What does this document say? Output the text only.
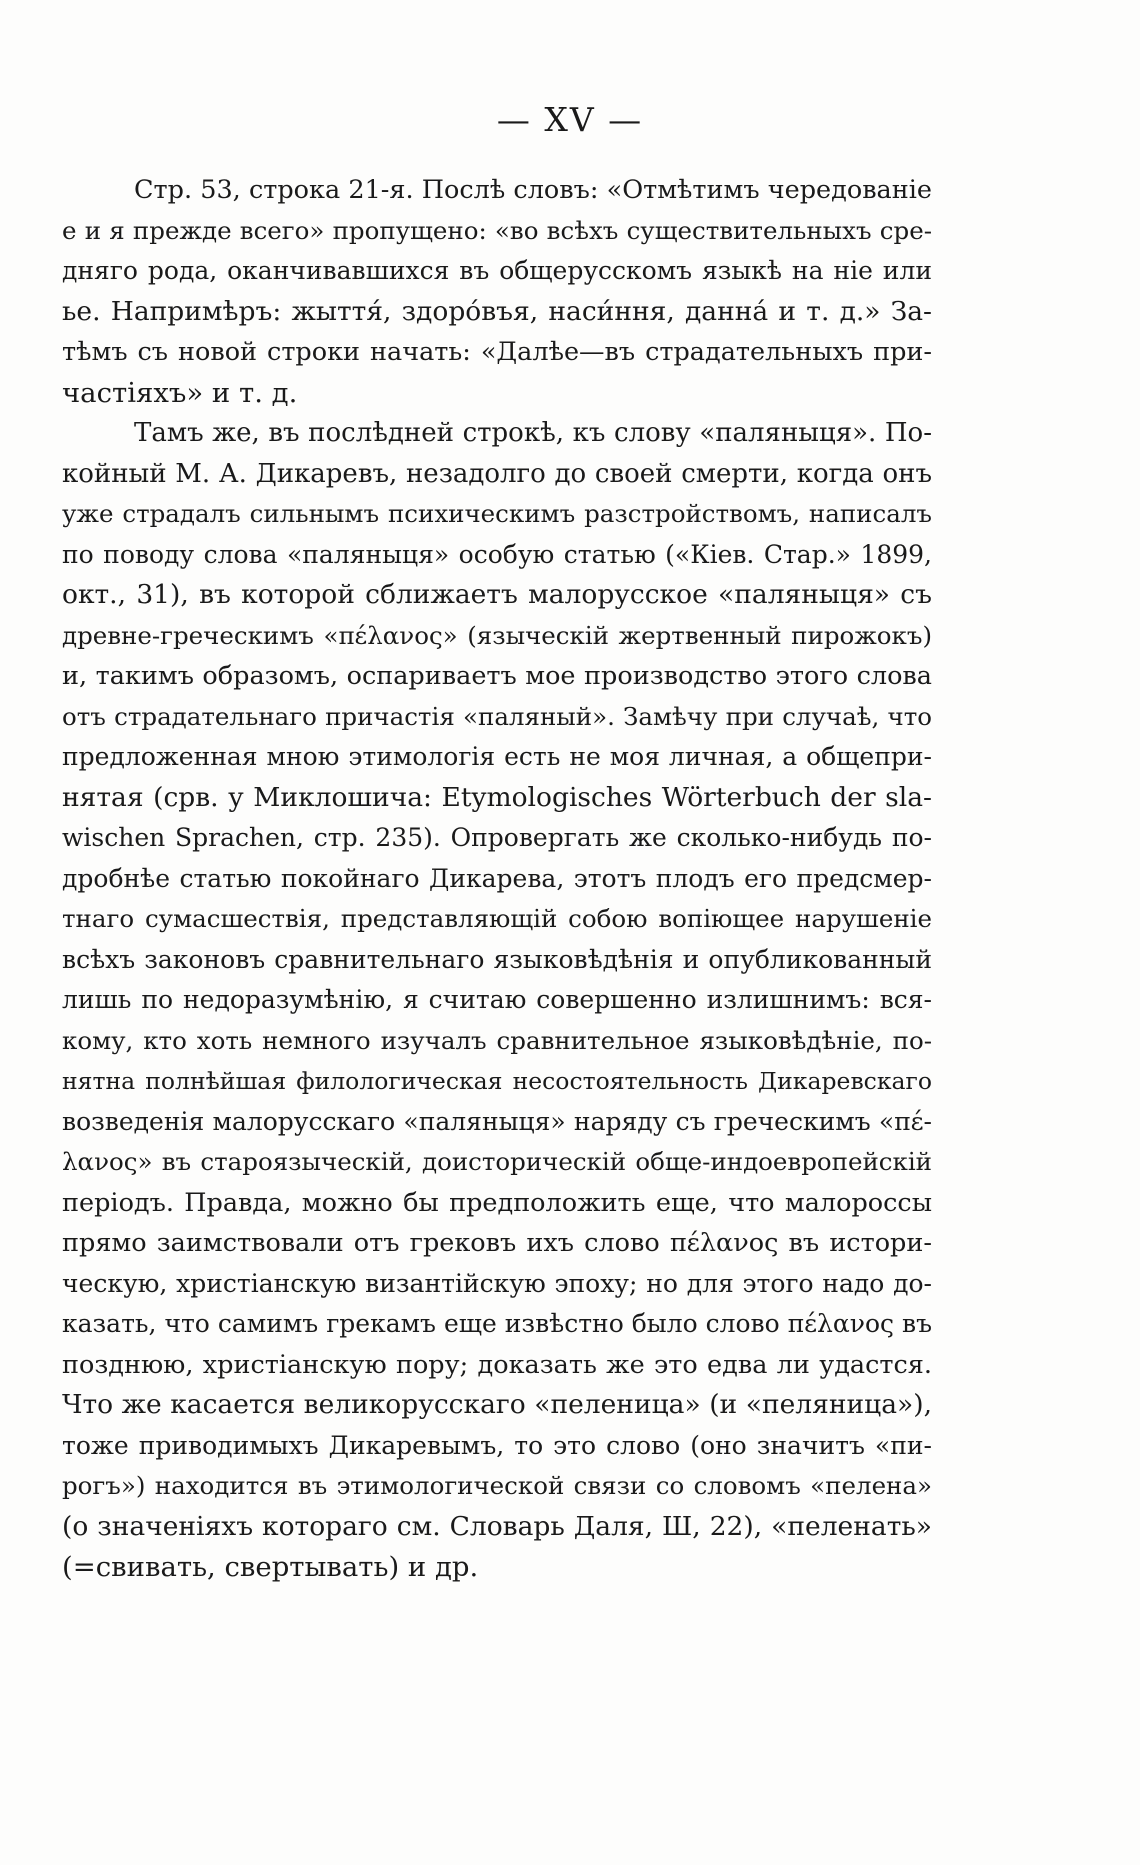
— XV —
Стр. 53, строка 21-я. Послѣ словъ: «Отмѣтимъ чередованіе
е и я прежде всего» пропущено: «во всѣхъ существительныхъ сре-
дняго рода, оканчивавшихся въ общерусскомъ языкѣ на ніе или
ье. Напримѣръ: жыття́, здоро́въя, наси́ння, данна́ и т. д.» За-
тѣмъ съ новой строки начать: «Далѣе—въ страдательныхъ при-
частіяхъ» и т. д.
Тамъ же, въ послѣдней строкѣ, къ слову «паляныця». По-
койный М. А. Дикаревъ, незадолго до своей смерти, когда онъ
уже страдалъ сильнымъ психическимъ разстройствомъ, написалъ
по поводу слова «паляныця» особую статью («Кіев. Стар.» 1899,
окт., 31), въ которой сближаетъ малорусское «паляныця» съ
древне-греческимъ «πέλανος» (языческій жертвенный пирожокъ)
и, такимъ образомъ, оспариваетъ мое производство этого слова
отъ страдательнаго причастія «паляный». Замѣчу при случаѣ, что
предложенная мною этимологія есть не моя личная, а общепри-
нятая (срв. у Миклошича: Etymologisches Wörterbuch der sla-
wischen Sprachen, стр. 235). Опровергать же сколько-нибудь по-
дробнѣе статью покойнаго Дикарева, этотъ плодъ его предсмер-
тнаго сумасшествія, представляющій собою вопіющее нарушеніе
всѣхъ законовъ сравнительнаго языковѣдѣнія и опубликованный
лишь по недоразумѣнію, я считаю совершенно излишнимъ: вся-
кому, кто хоть немного изучалъ сравнительное языковѣдѣніе, по-
нятна полнѣйшая филологическая несостоятельность Дикаревскаго
возведенія малорусскаго «паляныця» наряду съ греческимъ «πέ-
λανος» въ староязыческій, доисторическій обще-индоевропейскій
періодъ. Правда, можно бы предположить еще, что малороссы
прямо заимствовали отъ грековъ ихъ слово πέλανος въ истори-
ческую, христіанскую византійскую эпоху; но для этого надо до-
казать, что самимъ грекамъ еще извѣстно было слово πέλανος въ
позднюю, христіанскую пору; доказать же это едва ли удастся.
Что же касается великорусскаго «пеленица» (и «пеляница»),
тоже приводимыхъ Дикаревымъ, то это слово (оно значитъ «пи-
рогъ») находится въ этимологической связи со словомъ «пелена»
(о значеніяхъ котораго см. Словарь Даля, Ш, 22), «пеленать»
(=свивать, свертывать) и др.
